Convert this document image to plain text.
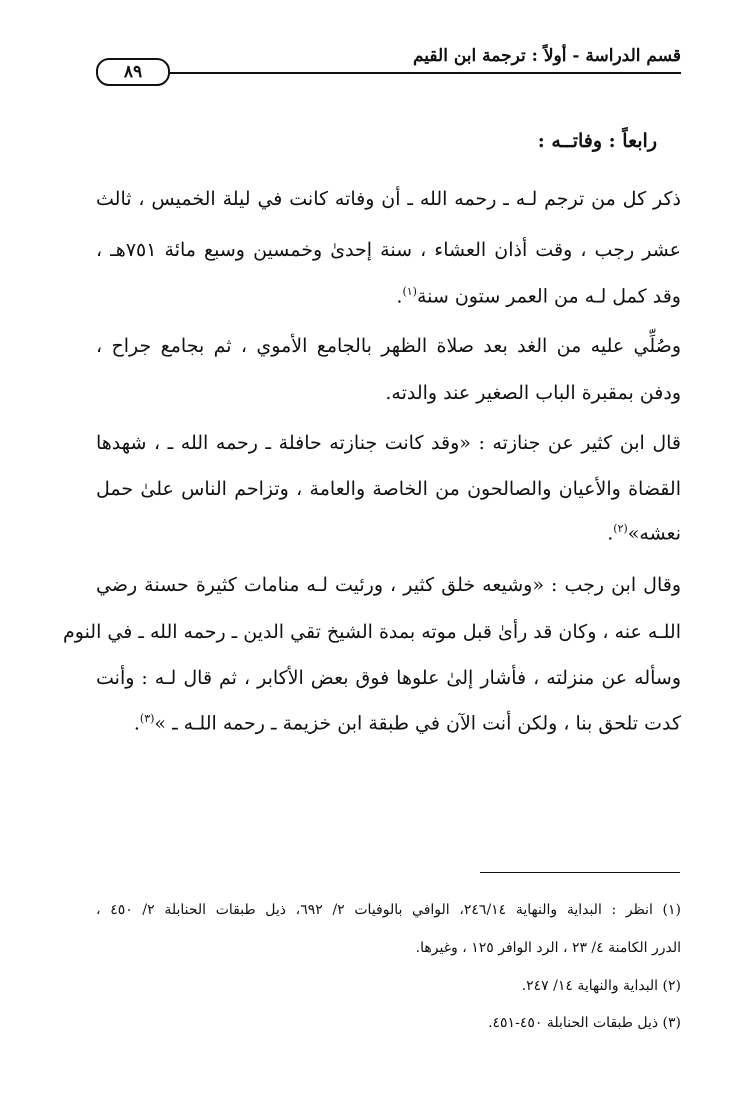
٨٩
قسم الدراسة - أولاً : ترجمة ابن القيم
رابعاً : وفاتــه :
ذكر كل من ترجم لـه ـ رحمه الله ـ أن وفاته كانت في ليلة الخميس ، ثالث
عشر رجب ، وقت أذان العشاء ، سنة إحدىٰ وخمسين وسبع مائة ٧٥١هـ ،
وقد كمل لـه من العمر ستون سنة$^{(١)}$.
وصُلِّي عليه من الغد بعد صلاة الظهر بالجامع الأموي ، ثم بجامع جراح ،
ودفن بمقبرة الباب الصغير عند والدته.
قال ابن كثير عن جنازته : «وقد كانت جنازته حافلة ـ رحمه الله ـ ، شهدها
القضاة والأعيان والصالحون من الخاصة والعامة ، وتزاحم الناس علىٰ حمل
نعشه»$^{(٢)}$.
وقال ابن رجب : «وشيعه خلق كثير ، ورئيت لـه منامات كثيرة حسنة رضي
اللـه عنه ، وكان قد رأىٰ قبل موته بمدة الشيخ تقي الدين ـ رحمه الله ـ في النوم
وسأله عن منزلته ، فأشار إلىٰ علوها فوق بعض الأكابر ، ثم قال لـه : وأنت
كدت تلحق بنا ، ولكن أنت الآن في طبقة ابن خزيمة ـ رحمه اللـه ـ »$^{(٣)}$.
(١) انظر : البداية والنهاية ٢٤٦/١٤، الوافي بالوفيات ٢/ ٦٩٢، ذيل طبقات الحنابلة ٢/ ٤٥٠ ،
الدرر الكامنة ٤/ ٢٣ ، الرد الوافر ١٢٥ ، وغيرها.
(٢) البداية والنهاية ١٤/ ٢٤٧.
(٣) ذيل طبقات الحنابلة ٤٥٠-٤٥١.
